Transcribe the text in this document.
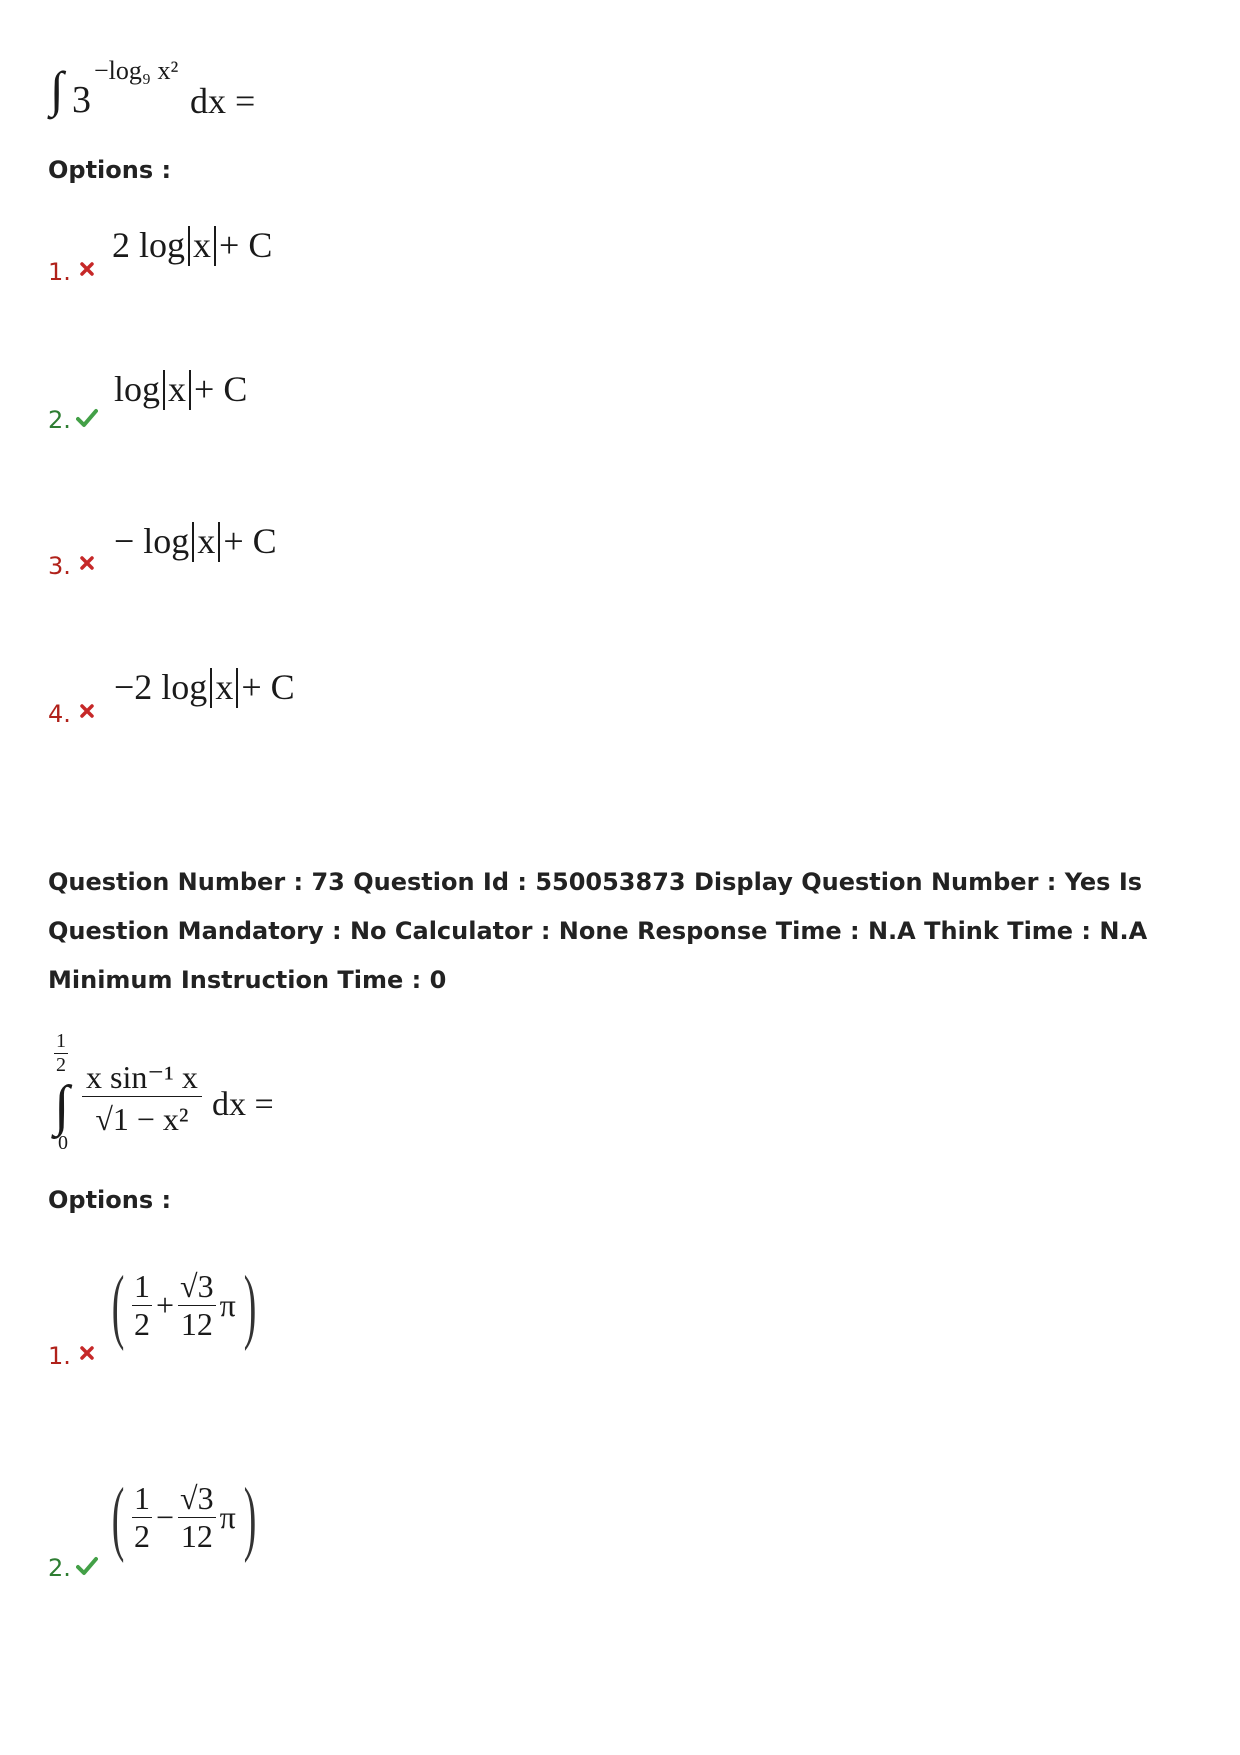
∫ 3
−log₉ x²
dx =
Options :
1.
2 log x + C
2.
log x + C
3.
− log x + C
4.
−2 log x + C
Question Number : 73 Question Id : 550053873 Display Question Number : Yes Is Question Mandatory : No Calculator : None Response Time : N.A Think Time : N.A Minimum Instruction Time : 0
$\frac{1}{2}$
∫
0
$\frac{\text{x sin⁻¹ x}}{\text{√1 − x²}}$ dx =
Options :
1.
( $\frac{1}{2} + \frac{√3}{12}$ π )
2.
( $\frac{1}{2} - \frac{√3}{12}$ π )
